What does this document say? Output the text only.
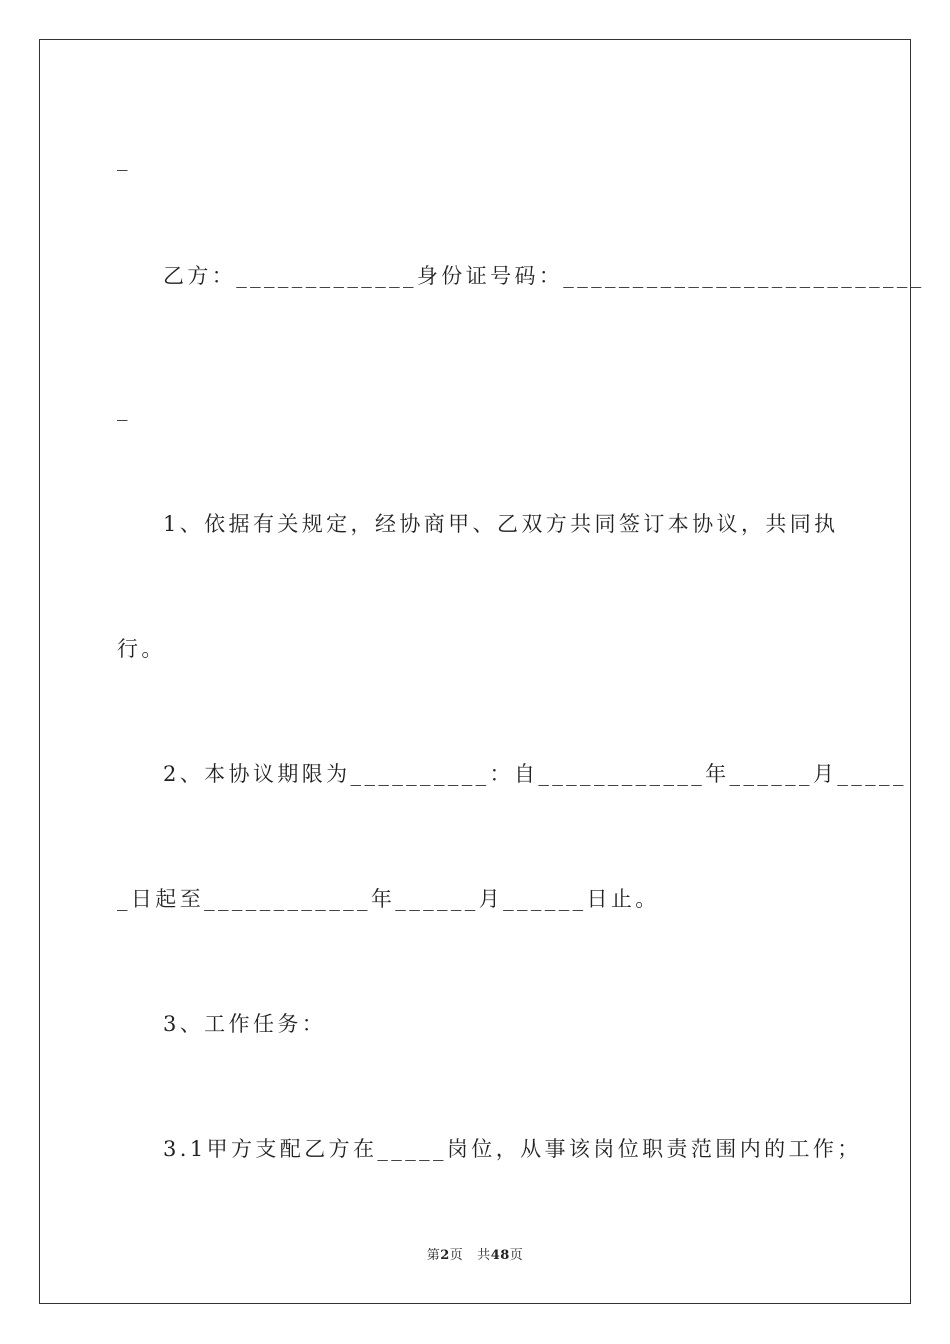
_
乙方：_____________身份证号码：__________________________
_
1、依据有关规定，经协商甲、乙双方共同签订本协议，共同执
行。
2、本协议期限为__________：自____________年______月_____
_日起至____________年______月______日止。
3、工作任务：
3.1甲方支配乙方在_____岗位，从事该岗位职责范围内的工作；
第2页 共48页
